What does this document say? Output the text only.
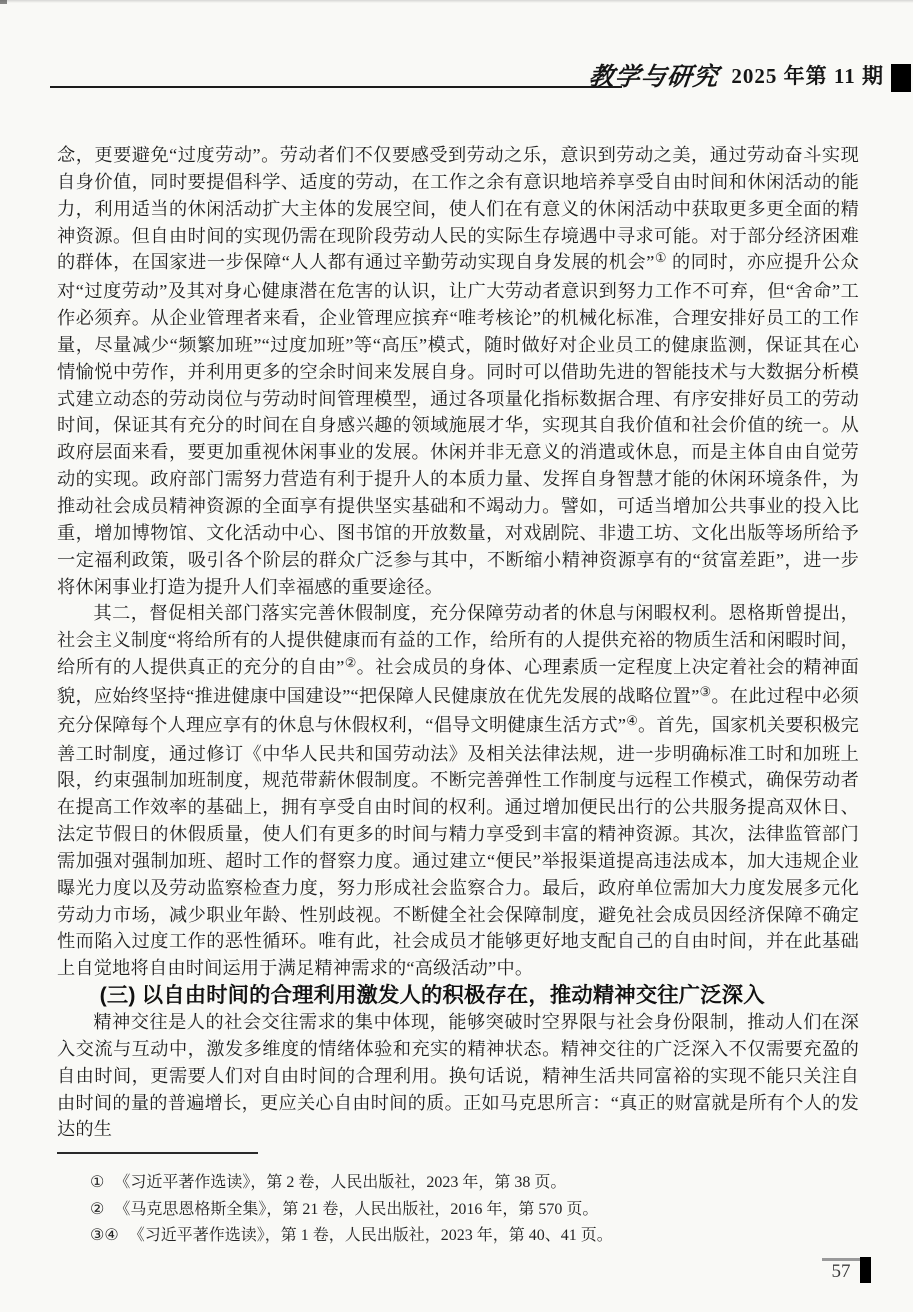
教学与研究 2025 年第 11 期

念，更要避免“过度劳动”。劳动者们不仅要感受到劳动之乐，意识到劳动之美，通过劳动奋斗实现自身价值，同时要提倡科学、适度的劳动，在工作之余有意识地培养享受自由时间和休闲活动的能力，利用适当的休闲活动扩大主体的发展空间，使人们在有意义的休闲活动中获取更多更全面的精神资源。但自由时间的实现仍需在现阶段劳动人民的实际生存境遇中寻求可能。对于部分经济困难的群体，在国家进一步保障“人人都有通过辛勤劳动实现自身发展的机会”① 的同时，亦应提升公众对“过度劳动”及其对身心健康潜在危害的认识，让广大劳动者意识到努力工作不可弃，但“舍命”工作必须弃。从企业管理者来看，企业管理应摈弃“唯考核论”的机械化标准，合理安排好员工的工作量，尽量减少“频繁加班”“过度加班”等“高压”模式，随时做好对企业员工的健康监测，保证其在心情愉悦中劳作，并利用更多的空余时间来发展自身。同时可以借助先进的智能技术与大数据分析模式建立动态的劳动岗位与劳动时间管理模型，通过各项量化指标数据合理、有序安排好员工的劳动时间，保证其有充分的时间在自身感兴趣的领域施展才华，实现其自我价值和社会价值的统一。从政府层面来看，要更加重视休闲事业的发展。休闲并非无意义的消遣或休息，而是主体自由自觉劳动的实现。政府部门需努力营造有利于提升人的本质力量、发挥自身智慧才能的休闲环境条件，为推动社会成员精神资源的全面享有提供坚实基础和不竭动力。譬如，可适当增加公共事业的投入比重，增加博物馆、文化活动中心、图书馆的开放数量，对戏剧院、非遗工坊、文化出版等场所给予一定福利政策，吸引各个阶层的群众广泛参与其中，不断缩小精神资源享有的“贫富差距”，进一步将休闲事业打造为提升人们幸福感的重要途径。

其二，督促相关部门落实完善休假制度，充分保障劳动者的休息与闲暇权利。恩格斯曾提出，社会主义制度“将给所有的人提供健康而有益的工作，给所有的人提供充裕的物质生活和闲暇时间，给所有的人提供真正的充分的自由”②。社会成员的身体、心理素质一定程度上决定着社会的精神面貌，应始终坚持“推进健康中国建设”“把保障人民健康放在优先发展的战略位置”③。在此过程中必须充分保障每个人理应享有的休息与休假权利，“倡导文明健康生活方式”④。首先，国家机关要积极完善工时制度，通过修订《中华人民共和国劳动法》及相关法律法规，进一步明确标准工时和加班上限，约束强制加班制度，规范带薪休假制度。不断完善弹性工作制度与远程工作模式，确保劳动者在提高工作效率的基础上，拥有享受自由时间的权利。通过增加便民出行的公共服务提高双休日、法定节假日的休假质量，使人们有更多的时间与精力享受到丰富的精神资源。其次，法律监管部门需加强对强制加班、超时工作的督察力度。通过建立“便民”举报渠道提高违法成本，加大违规企业曝光力度以及劳动监察检查力度，努力形成社会监察合力。最后，政府单位需加大力度发展多元化劳动力市场，减少职业年龄、性别歧视。不断健全社会保障制度，避免社会成员因经济保障不确定性而陷入过度工作的恶性循环。唯有此，社会成员才能够更好地支配自己的自由时间，并在此基础上自觉地将自由时间运用于满足精神需求的“高级活动”中。

(三) 以自由时间的合理利用激发人的积极存在，推动精神交往广泛深入

精神交往是人的社会交往需求的集中体现，能够突破时空界限与社会身份限制，推动人们在深入交流与互动中，激发多维度的情绪体验和充实的精神状态。精神交往的广泛深入不仅需要充盈的自由时间，更需要人们对自由时间的合理利用。换句话说，精神生活共同富裕的实现不能只关注自由时间的量的普遍增长，更应关心自由时间的质。正如马克思所言：“真正的财富就是所有个人的发达的生

① 《习近平著作选读》，第 2 卷，人民出版社，2023 年，第 38 页。
② 《马克思恩格斯全集》，第 21 卷，人民出版社，2016 年，第 570 页。
③④ 《习近平著作选读》，第 1 卷，人民出版社，2023 年，第 40、41 页。
57
